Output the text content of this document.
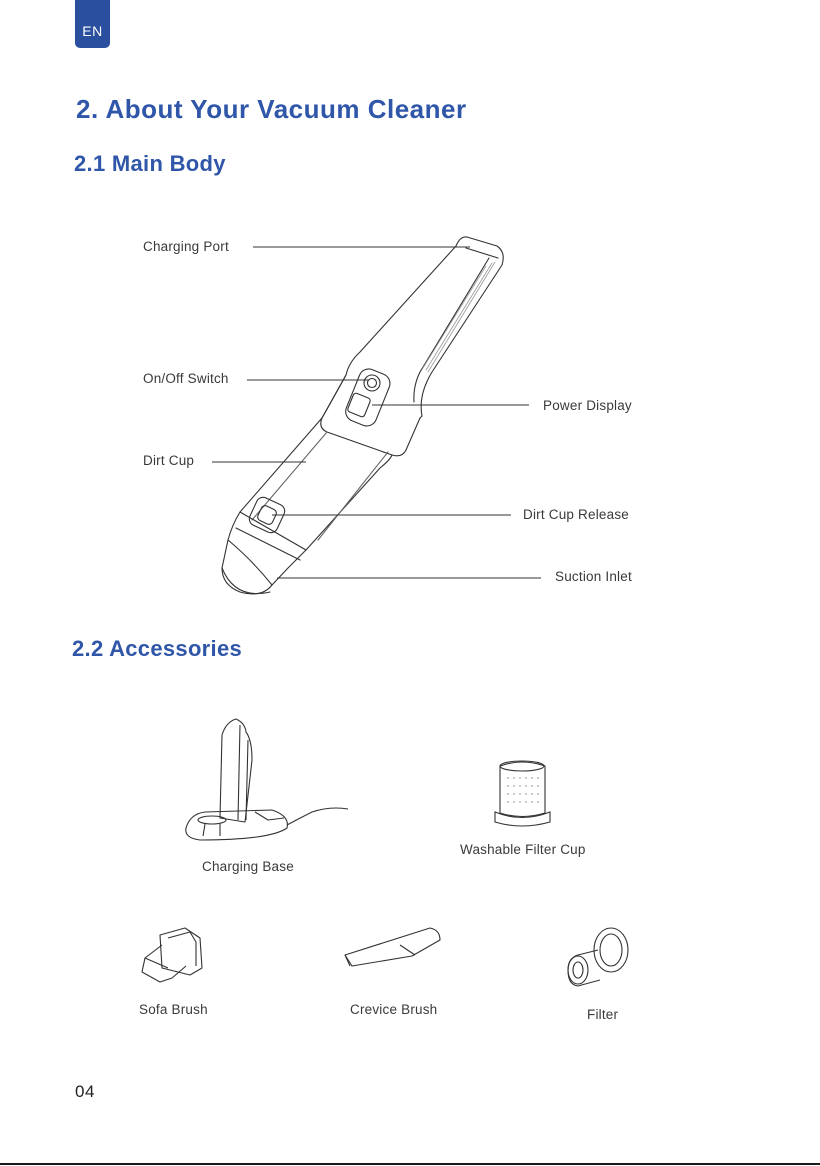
EN
2. About Your Vacuum Cleaner
2.1 Main Body
Charging Port
On/Off Switch
Dirt Cup
Power Display
Dirt Cup Release
Suction Inlet
2.2 Accessories
Charging Base
Washable Filter Cup
Sofa Brush	Crevice Brush	Filter
04
